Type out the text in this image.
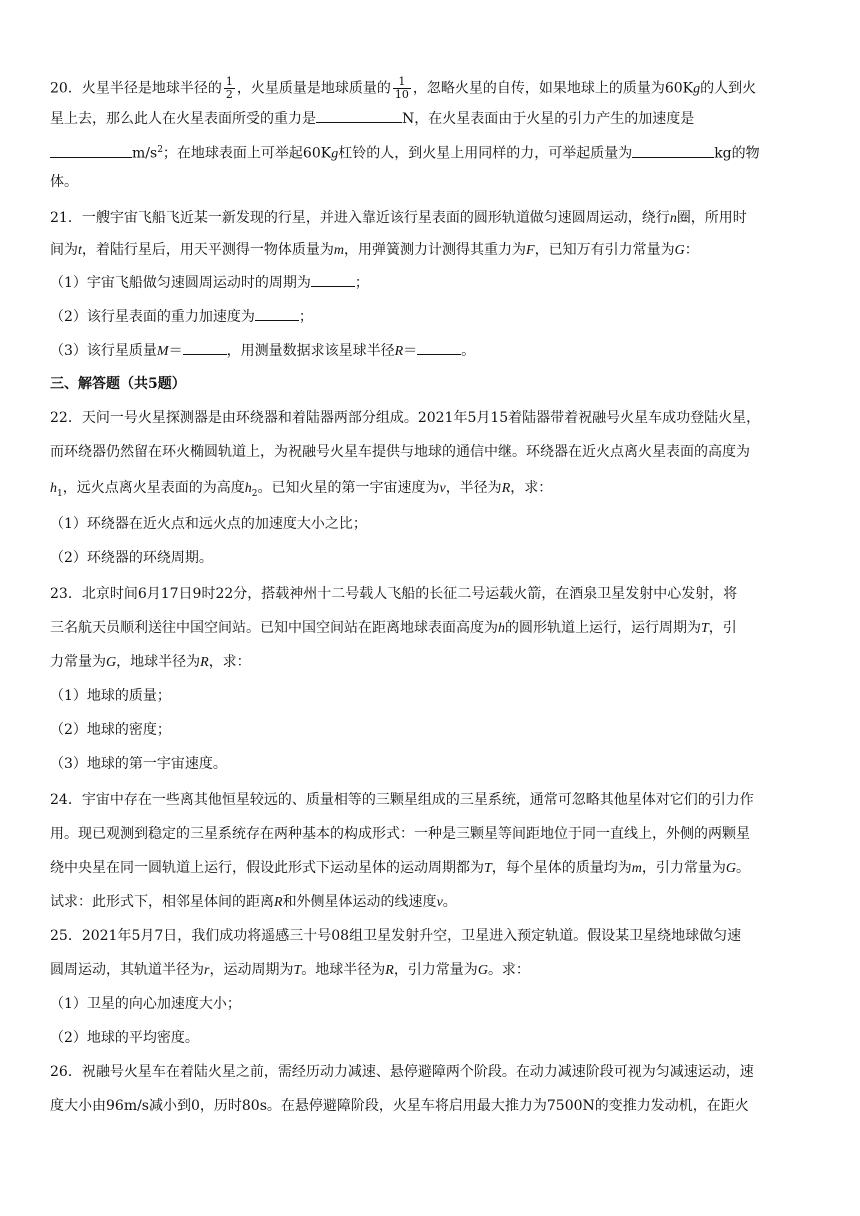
20．火星半径是地球半径的 $\frac{1}{2}$ ，火星质量是地球质量的 $\frac{1}{10}$ ，忽略火星的自传，如果地球上的质量为60Kg的人到火
星上去，那么此人在火星表面所受的重力是	N，在火星表面由于火星的引力产生的加速度是
$m/s^2$；在地球表面上可举起60Kg杠铃的人，到火星上用同样的力，可举起质量为	kg的物
体。
21．一艘宇宙飞船飞近某一新发现的行星，并进入靠近该行星表面的圆形轨道做匀速圆周运动，绕行n圈，所用时
间为t，着陆行星后，用天平测得一物体质量为m，用弹簧测力计测得其重力为F，已知万有引力常量为G：
（1）宇宙飞船做匀速圆周运动时的周期为	；
（2）该行星表面的重力加速度为	；
（3）该行星质量M＝	，用测量数据求该星球半径R＝	。
三、解答题（共5题）
22．天问一号火星探测器是由环绕器和着陆器两部分组成。2021年5月15着陆器带着祝融号火星车成功登陆火星，
而环绕器仍然留在环火椭圆轨道上，为祝融号火星车提供与地球的通信中继。环绕器在近火点离火星表面的高度为
$h_1$，远火点离火星表面的为高度$h_2$。已知火星的第一宇宙速度为v，半径为R，求：
（1）环绕器在近火点和远火点的加速度大小之比；
（2）环绕器的环绕周期。
23．北京时间6月17日9时22分，搭载神州十二号载人飞船的长征二号运载火箭，在酒泉卫星发射中心发射，将
三名航天员顺利送往中国空间站。已知中国空间站在距离地球表面高度为h的圆形轨道上运行，运行周期为T，引
力常量为G，地球半径为R，求：
（1）地球的质量；
（2）地球的密度；
（3）地球的第一宇宙速度。
24．宇宙中存在一些离其他恒星较远的、质量相等的三颗星组成的三星系统，通常可忽略其他星体对它们的引力作
用。现已观测到稳定的三星系统存在两种基本的构成形式：一种是三颗星等间距地位于同一直线上，外侧的两颗星
绕中央星在同一圆轨道上运行，假设此形式下运动星体的运动周期都为T，每个星体的质量均为m，引力常量为G。
试求：此形式下，相邻星体间的距离R和外侧星体运动的线速度v。
25．2021年5月7日，我们成功将遥感三十号08组卫星发射升空，卫星进入预定轨道。假设某卫星绕地球做匀速
圆周运动，其轨道半径为r，运动周期为T。地球半径为R，引力常量为G。求：
（1）卫星的向心加速度大小；
（2）地球的平均密度。
26．祝融号火星车在着陆火星之前，需经历动力减速、悬停避障两个阶段。在动力减速阶段可视为匀减速运动，速
度大小由96m/s减小到0，历时80s。在悬停避障阶段，火星车将启用最大推力为7500N的变推力发动机，在距火
